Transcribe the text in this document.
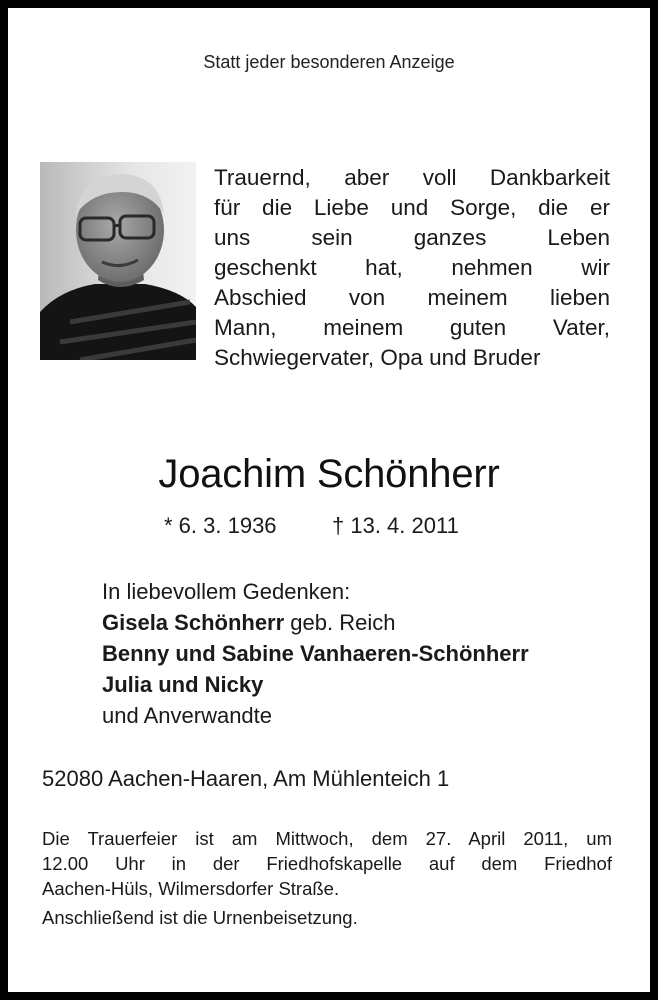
Statt jeder besonderen Anzeige
Trauernd, aber voll Dankbarkeit
für die Liebe und Sorge, die er
uns sein ganzes Leben
geschenkt hat, nehmen wir
Abschied von meinem lieben
Mann, meinem guten Vater,
Schwiegervater, Opa und Bruder
Joachim Schönherr
* 6. 3. 1936	† 13. 4. 2011
In liebevollem Gedenken:
Gisela Schönherr geb. Reich
Benny und Sabine Vanhaeren-Schönherr
Julia und Nicky
und Anverwandte
52080 Aachen-Haaren, Am Mühlenteich 1
Die Trauerfeier ist am Mittwoch, dem 27. April 2011, um
12.00 Uhr in der Friedhofskapelle auf dem Friedhof
Aachen-Hüls, Wilmersdorfer Straße.
Anschließend ist die Urnenbeisetzung.
